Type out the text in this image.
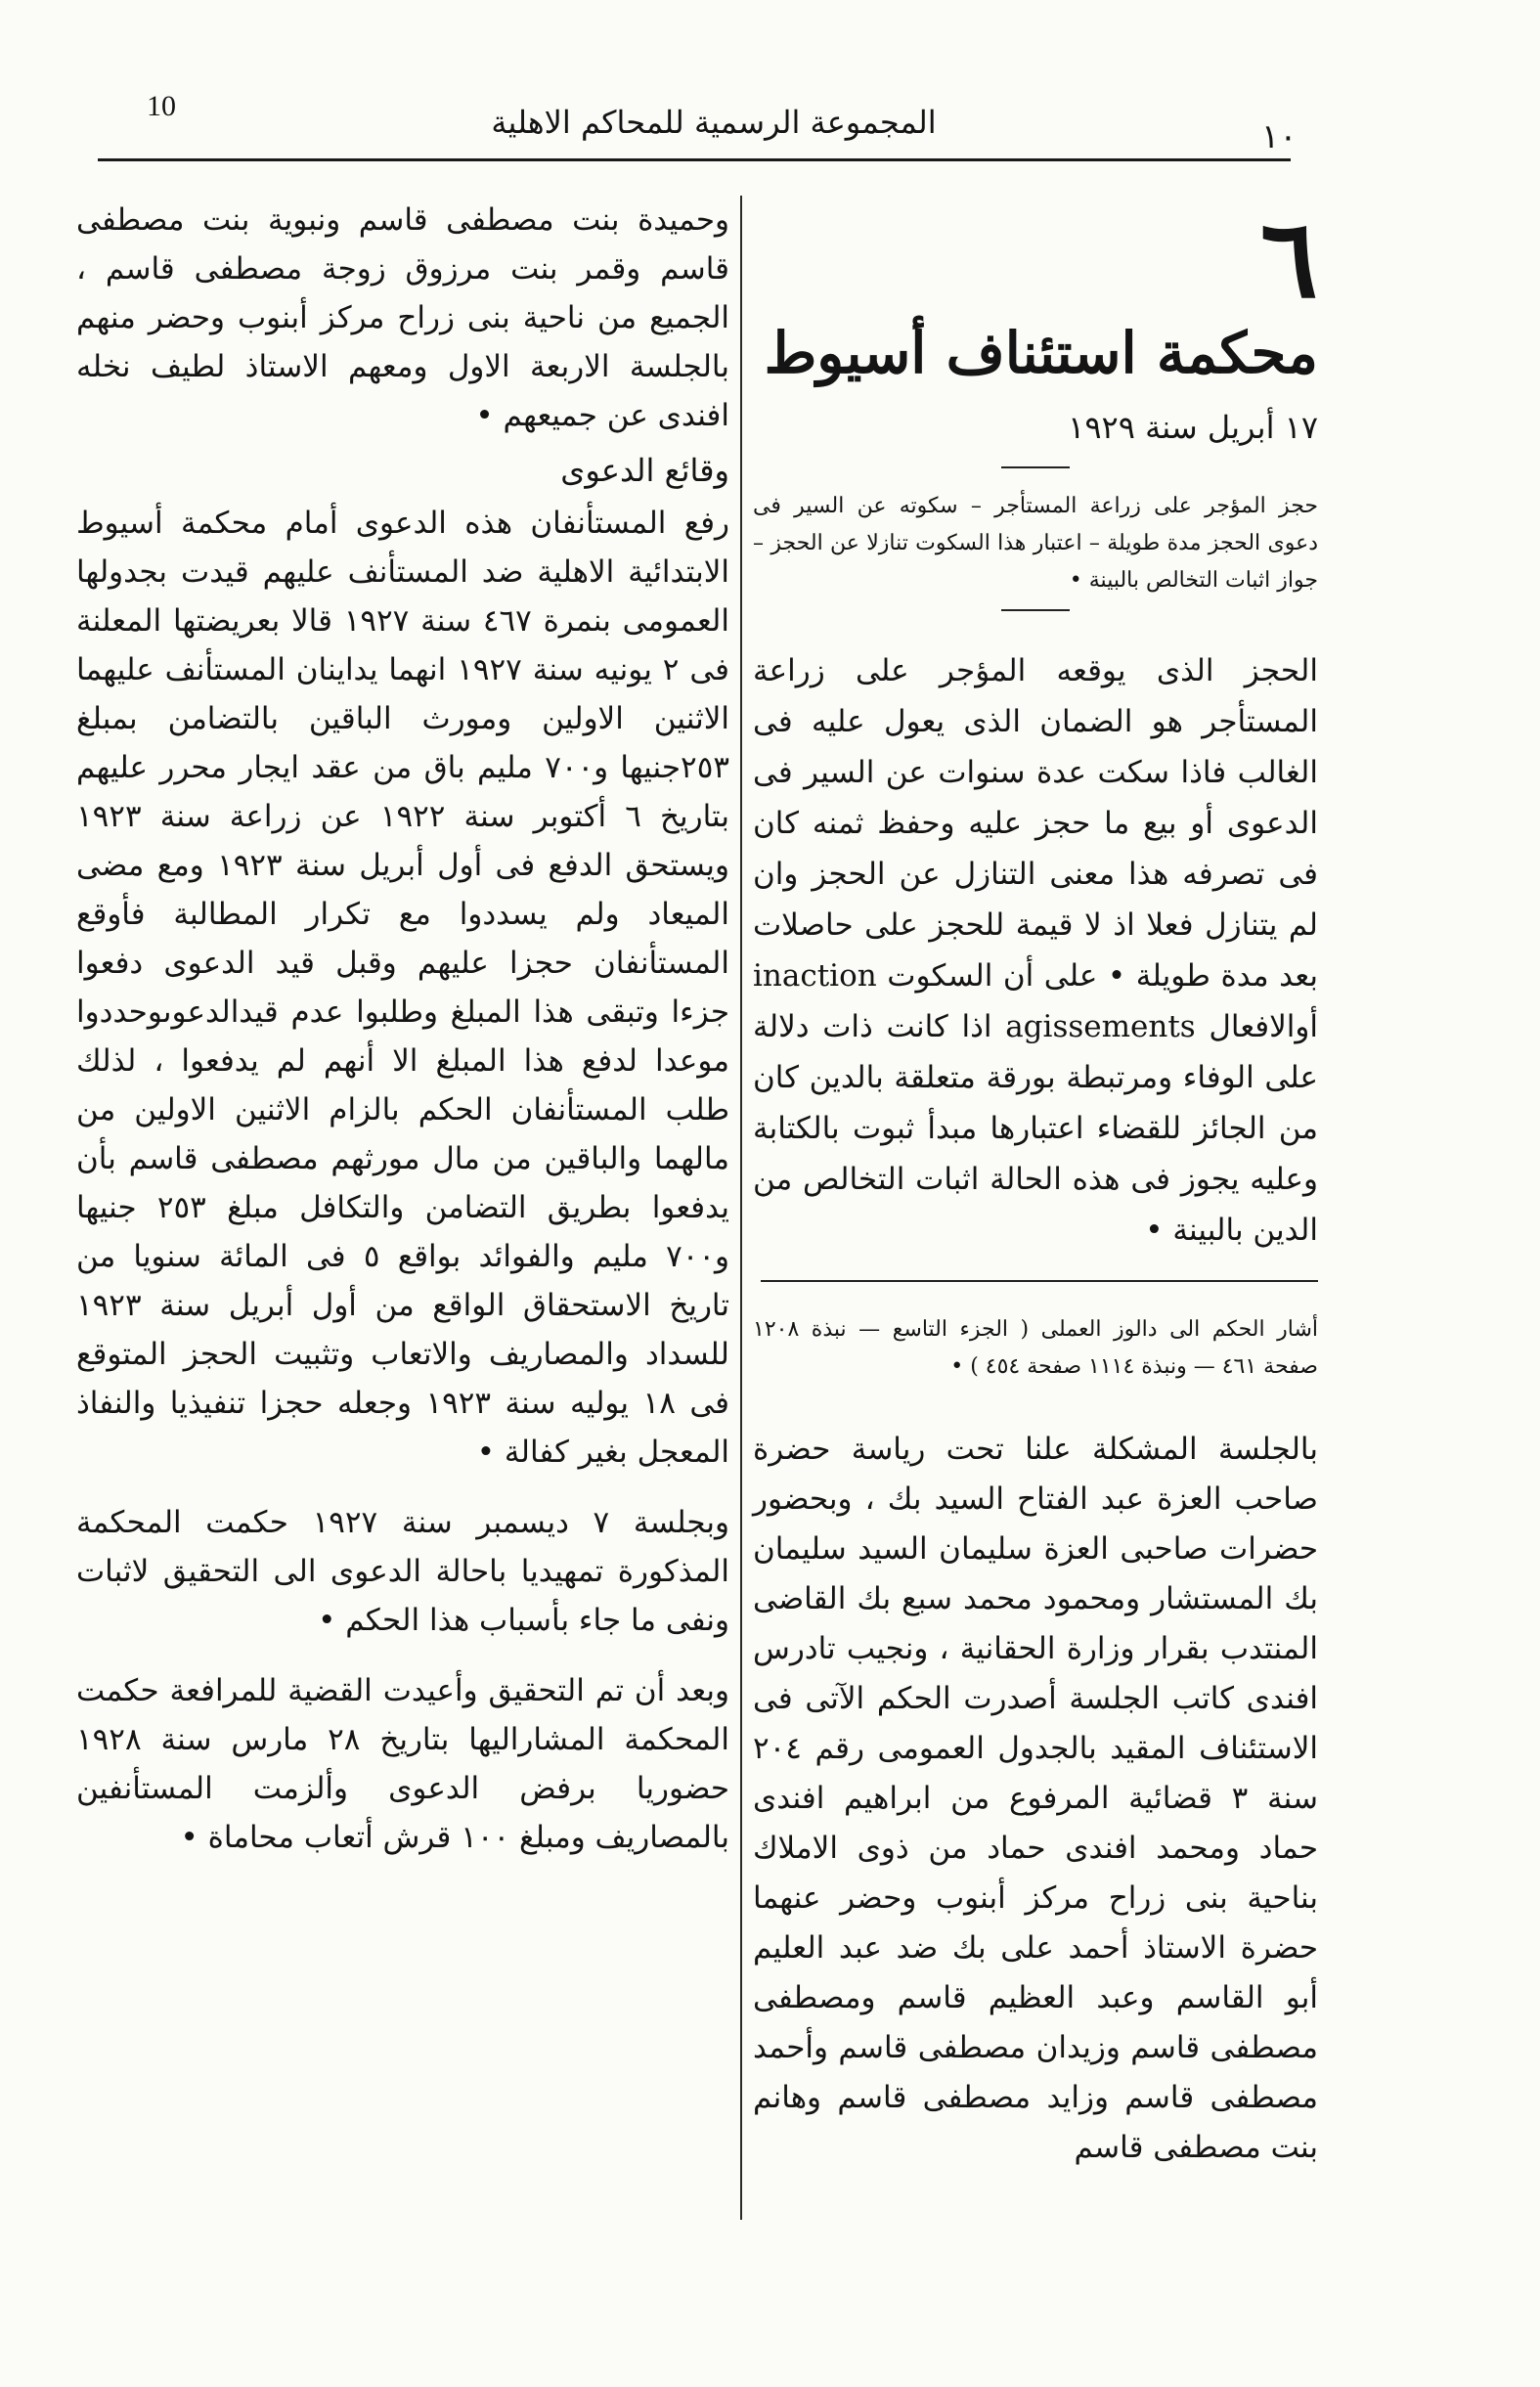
10	المجموعة الرسمية للمحاكم الاهلية	١٠
٦
محكمة استئناف أسيوط
١٧ أبريل سنة ١٩٢٩

حجز المؤجر على زراعة المستأجر – سكوته عن السير فى دعوى الحجز مدة طويلة – اعتبار هذا السكوت تنازلا عن الحجز – جواز اثبات التخالص بالبينة •

الحجز الذى يوقعه المؤجر على زراعة المستأجر هو الضمان الذى يعول عليه فى الغالب فاذا سكت عدة سنوات عن السير فى الدعوى أو بيع ما حجز عليه وحفظ ثمنه كان فى تصرفه هذا معنى التنازل عن الحجز وان لم يتنازل فعلا اذ لا قيمة للحجز على حاصلات بعد مدة طويلة • على أن السكوت inaction أوالافعال agissements اذا كانت ذات دلالة على الوفاء ومرتبطة بورقة متعلقة بالدين كان من الجائز للقضاء اعتبارها مبدأ ثبوت بالكتابة وعليه يجوز فى هذه الحالة اثبات التخالص من الدين بالبينة •

أشار الحكم الى دالوز العملى ( الجزء التاسع — نبذة ١٢٠٨ صفحة ٤٦١ — ونبذة ١١١٤ صفحة ٤٥٤ ) •

بالجلسة المشكلة علنا تحت رياسة حضرة صاحب العزة عبد الفتاح السيد بك ، وبحضور حضرات صاحبى العزة سليمان السيد سليمان بك المستشار ومحمود محمد سبع بك القاضى المنتدب بقرار وزارة الحقانية ، ونجيب تادرس افندى كاتب الجلسة أصدرت الحكم الآتى فى الاستئناف المقيد بالجدول العمومى رقم ٢٠٤ سنة ٣ قضائية المرفوع من ابراهيم افندى حماد ومحمد افندى حماد من ذوى الاملاك بناحية بنى زراح مركز أبنوب وحضر عنهما حضرة الاستاذ أحمد على بك ضد عبد العليم أبو القاسم وعبد العظيم قاسم ومصطفى مصطفى قاسم وزيدان مصطفى قاسم وأحمد مصطفى قاسم وزايد مصطفى قاسم وهانم بنت مصطفى قاسم

وحميدة بنت مصطفى قاسم ونبوية بنت مصطفى قاسم وقمر بنت مرزوق زوجة مصطفى قاسم ، الجميع من ناحية بنى زراح مركز أبنوب وحضر منهم بالجلسة الاربعة الاول ومعهم الاستاذ لطيف نخله افندى عن جميعهم •

وقائع الدعوى

رفع المستأنفان هذه الدعوى أمام محكمة أسيوط الابتدائية الاهلية ضد المستأنف عليهم قيدت بجدولها العمومى بنمرة ٤٦٧ سنة ١٩٢٧ قالا بعريضتها المعلنة فى ٢ يونيه سنة ١٩٢٧ انهما يداينان المستأنف عليهما الاثنين الاولين ومورث الباقين بالتضامن بمبلغ ٢٥٣جنيها و٧٠٠ مليم باق من عقد ايجار محرر عليهم بتاريخ ٦ أكتوبر سنة ١٩٢٢ عن زراعة سنة ١٩٢٣ ويستحق الدفع فى أول أبريل سنة ١٩٢٣ ومع مضى الميعاد ولم يسددوا مع تكرار المطالبة فأوقع المستأنفان حجزا عليهم وقبل قيد الدعوى دفعوا جزءا وتبقى هذا المبلغ وطلبوا عدم قيدالدعوىوحددوا موعدا لدفع هذا المبلغ الا أنهم لم يدفعوا ، لذلك طلب المستأنفان الحكم بالزام الاثنين الاولين من مالهما والباقين من مال مورثهم مصطفى قاسم بأن يدفعوا بطريق التضامن والتكافل مبلغ ٢٥٣ جنيها و٧٠٠ مليم والفوائد بواقع ٥ فى المائة سنويا من تاريخ الاستحقاق الواقع من أول أبريل سنة ١٩٢٣ للسداد والمصاريف والاتعاب وتثبيت الحجز المتوقع فى ١٨ يوليه سنة ١٩٢٣ وجعله حجزا تنفيذيا والنفاذ المعجل بغير كفالة •

وبجلسة ٧ ديسمبر سنة ١٩٢٧ حكمت المحكمة المذكورة تمهيديا باحالة الدعوى الى التحقيق لاثبات ونفى ما جاء بأسباب هذا الحكم •

وبعد أن تم التحقيق وأعيدت القضية للمرافعة حكمت المحكمة المشاراليها بتاريخ ٢٨ مارس سنة ١٩٢٨ حضوريا برفض الدعوى وألزمت المستأنفين بالمصاريف ومبلغ ١٠٠ قرش أتعاب محاماة •
